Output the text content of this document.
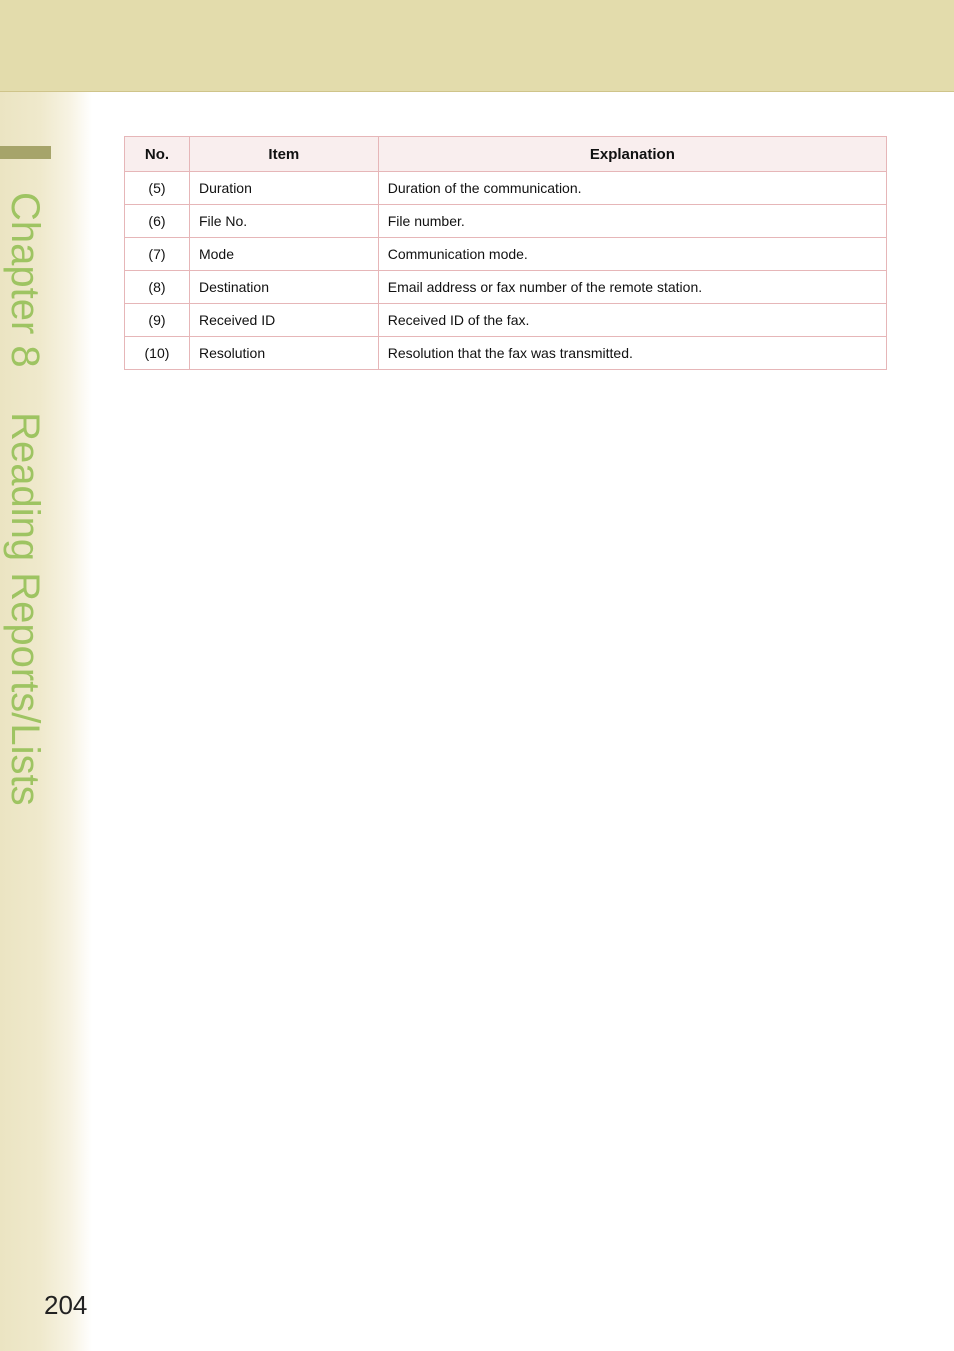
Chapter 8    Reading Reports/Lists
No.	Item	Explanation
(5)	Duration	Duration of the communication.
(6)	File No.	File number.
(7)	Mode	Communication mode.
(8)	Destination	Email address or fax number of the remote station.
(9)	Received ID	Received ID of the fax.
(10)	Resolution	Resolution that the fax was transmitted.
204
